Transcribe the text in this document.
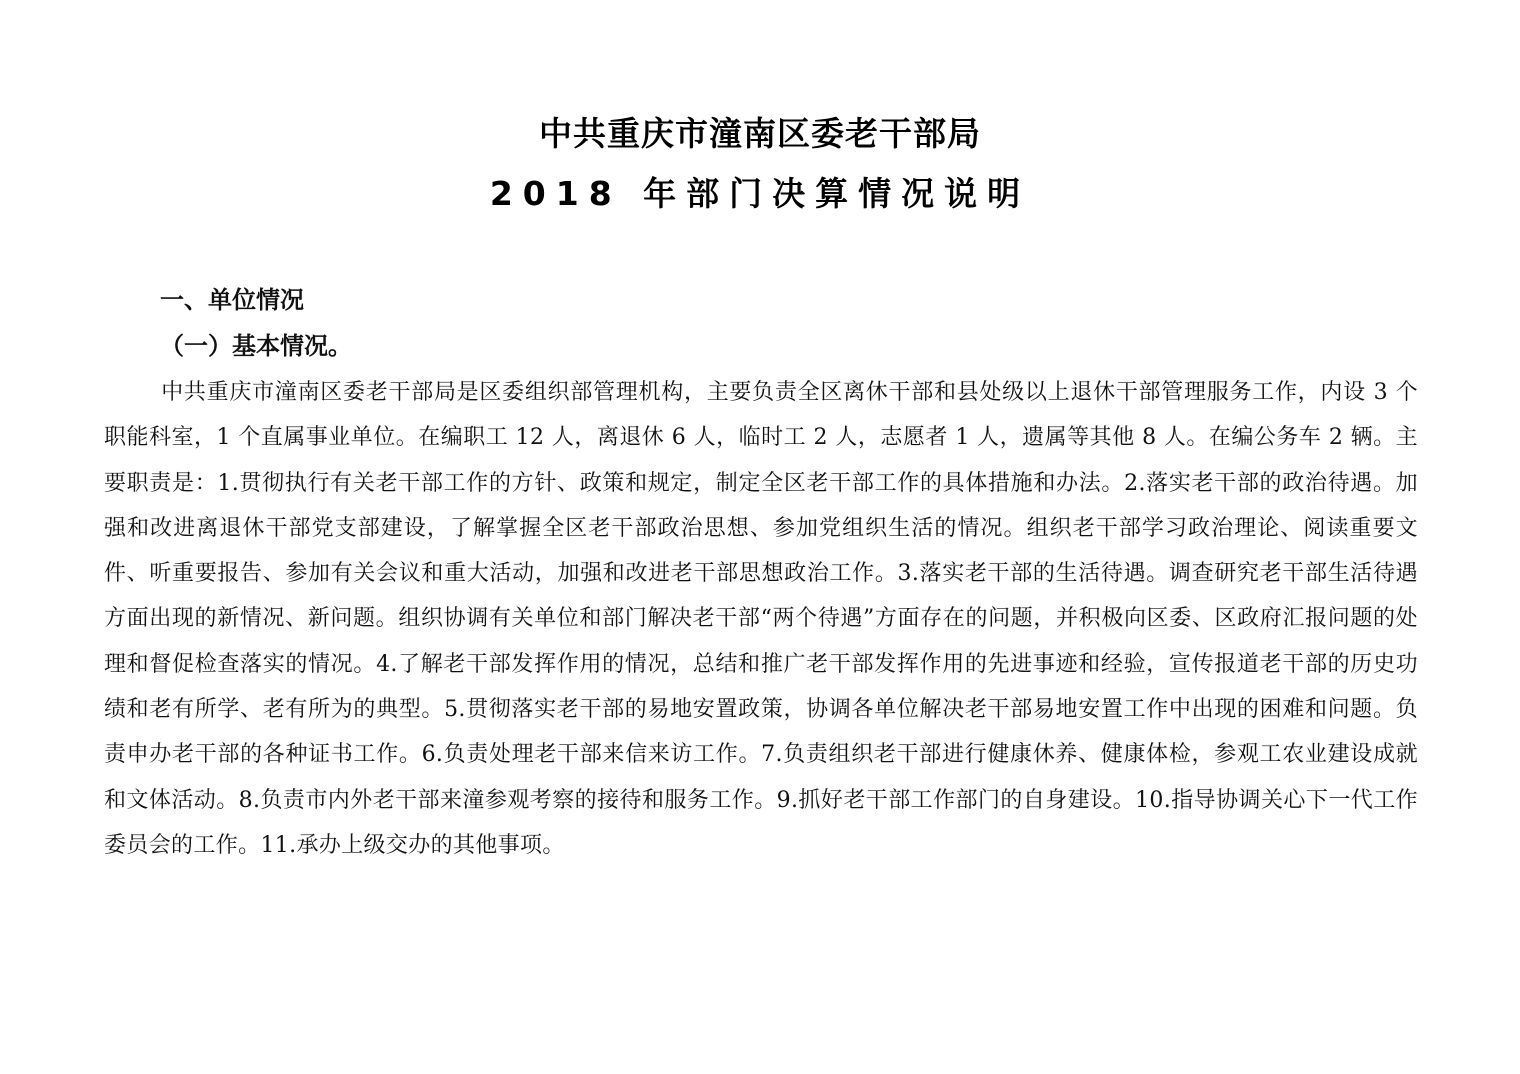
中共重庆市潼南区委老干部局
2018 年部门决算情况说明
一、单位情况
（一）基本情况。

中共重庆市潼南区委老干部局是区委组织部管理机构，主要负责全区离休干部和县处级以上退休干部管理服务工作，内设 3 个职能科室，1 个直属事业单位。在编职工 12 人，离退休 6 人，临时工 2 人，志愿者 1 人，遗属等其他 8 人。在编公务车 2 辆。主要职责是：1.贯彻执行有关老干部工作的方针、政策和规定，制定全区老干部工作的具体措施和办法。2.落实老干部的政治待遇。加强和改进离退休干部党支部建设，了解掌握全区老干部政治思想、参加党组织生活的情况。组织老干部学习政治理论、阅读重要文件、听重要报告、参加有关会议和重大活动，加强和改进老干部思想政治工作。3.落实老干部的生活待遇。调查研究老干部生活待遇方面出现的新情况、新问题。组织协调有关单位和部门解决老干部“两个待遇”方面存在的问题，并积极向区委、区政府汇报问题的处理和督促检查落实的情况。4.了解老干部发挥作用的情况，总结和推广老干部发挥作用的先进事迹和经验，宣传报道老干部的历史功绩和老有所学、老有所为的典型。5.贯彻落实老干部的易地安置政策，协调各单位解决老干部易地安置工作中出现的困难和问题。负责申办老干部的各种证书工作。6.负责处理老干部来信来访工作。7.负责组织老干部进行健康休养、健康体检，参观工农业建设成就和文体活动。8.负责市内外老干部来潼参观考察的接待和服务工作。9.抓好老干部工作部门的自身建设。10.指导协调关心下一代工作委员会的工作。11.承办上级交办的其他事项。
